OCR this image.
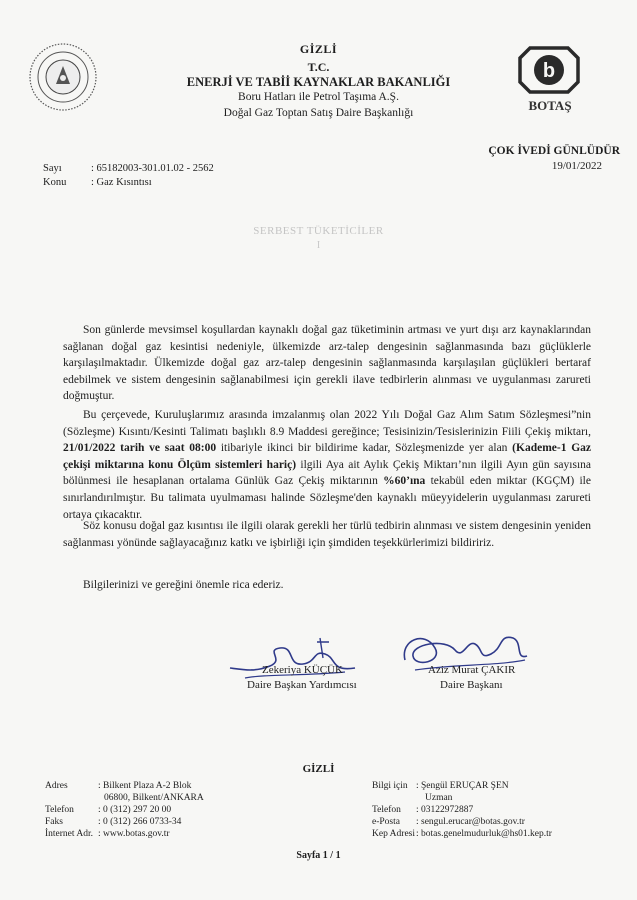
b
BOTAŞ
GİZLİ
T.C.
ENERJİ VE TABİİ KAYNAKLAR BAKANLIĞI
Boru Hatları ile Petrol Taşıma A.Ş.
Doğal Gaz Toptan Satış Daire Başkanlığı
ÇOK İVEDİ GÜNLÜDÜR
19/01/2022
Sayı	: 65182003-301.01.02 - 2562
Konu : Gaz Kısıntısı
SERBEST TÜKETİCİLER
I

Son günlerde mevsimsel koşullardan kaynaklı doğal gaz tüketiminin artması ve yurt dışı arz kaynaklarından sağlanan doğal gaz kesintisi nedeniyle, ülkemizde arz-talep dengesinin sağlanmasında bazı güçlüklerle karşılaşılmaktadır. Ülkemizde doğal gaz arz-talep dengesinin sağlanmasında karşılaşılan güçlükleri bertaraf edebilmek ve sistem dengesinin sağlanabilmesi için gerekli ilave tedbirlerin alınması ve uygulanması zarureti doğmuştur.

Bu çerçevede, Kuruluşlarımız arasında imzalanmış olan 2022 Yılı Doğal Gaz Alım Satım Sözleşmesi”nin (Sözleşme) Kısıntı/Kesinti Talimatı başlıklı 8.9 Maddesi gereğince; Tesisinizin/Tesislerinizin Fiili Çekiş miktarı, 21/01/2022 tarih ve saat 08:00 itibariyle ikinci bir bildirime kadar, Sözleşmenizde yer alan (Kademe-1 Gaz çekişi miktarına konu Ölçüm sistemleri hariç) ilgili Aya ait Aylık Çekiş Miktarı’nın ilgili Ayın gün sayısına bölünmesi ile hesaplanan ortalama Günlük Gaz Çekiş miktarının %60’ına tekabül eden miktar (KGÇM) ile sınırlandırılmıştır. Bu talimata uyulmaması halinde Sözleşme'den kaynaklı müeyyidelerin uygulanması zarureti ortaya çıkacaktır.

Söz konusu doğal gaz kısıntısı ile ilgili olarak gerekli her türlü tedbirin alınması ve sistem dengesinin yeniden sağlanması yönünde sağlayacağınız katkı ve işbirliği için şimdiden teşekkürlerimizi bildiririz.

Bilgilerinizi ve gereğini önemle rica ederiz.

Zekeriya KÜÇÜK
Daire Başkan Yardımcısı
Aziz Murat ÇAKIR
Daire Başkanı
GİZLİ
Adres	: Bilkent Plaza A-2 Blok
06800, Bilkent/ANKARA
Telefon	: 0 (312) 297 20 00
Faks	: 0 (312) 266 0733-34
İnternet Adr. : www.botas.gov.tr
Bilgi için : Şengül ERUÇAR ŞEN
Uzman
Telefon : 03122972887
e-Posta : sengul.erucar@botas.gov.tr
Kep Adresi : botas.genelmudurluk@hs01.kep.tr
Sayfa 1 / 1
